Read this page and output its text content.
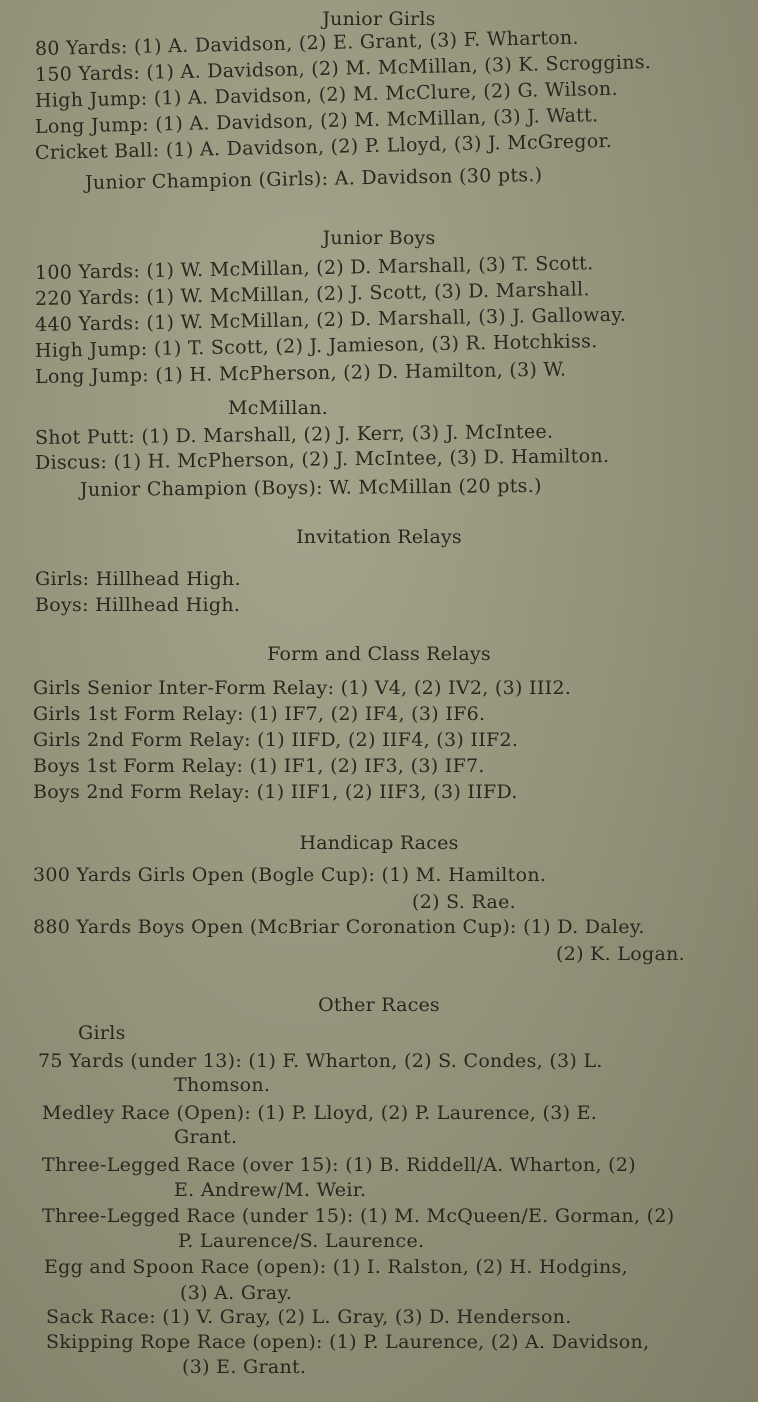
Junior Girls
80 Yards: (1) A. Davidson, (2) E. Grant, (3) F. Wharton.
150 Yards: (1) A. Davidson, (2) M. McMillan, (3) K. Scroggins.
High Jump: (1) A. Davidson, (2) M. McClure, (2) G. Wilson.
Long Jump: (1) A. Davidson, (2) M. McMillan, (3) J. Watt.
Cricket Ball: (1) A. Davidson, (2) P. Lloyd, (3) J. McGregor.
Junior Champion (Girls): A. Davidson (30 pts.)
Junior Boys
100 Yards: (1) W. McMillan, (2) D. Marshall, (3) T. Scott.
220 Yards: (1) W. McMillan, (2) J. Scott, (3) D. Marshall.
440 Yards: (1) W. McMillan, (2) D. Marshall, (3) J. Galloway.
High Jump: (1) T. Scott, (2) J. Jamieson, (3) R. Hotchkiss.
Long Jump: (1) H. McPherson, (2) D. Hamilton, (3) W.
McMillan.
Shot Putt: (1) D. Marshall, (2) J. Kerr, (3) J. McIntee.
Discus: (1) H. McPherson, (2) J. McIntee, (3) D. Hamilton.
Junior Champion (Boys): W. McMillan (20 pts.)
Invitation Relays
Girls: Hillhead High.
Boys: Hillhead High.
Form and Class Relays
Girls Senior Inter-Form Relay: (1) V4, (2) IV2, (3) III2.
Girls 1st Form Relay: (1) IF7, (2) IF4, (3) IF6.
Girls 2nd Form Relay: (1) IIFD, (2) IIF4, (3) IIF2.
Boys 1st Form Relay: (1) IF1, (2) IF3, (3) IF7.
Boys 2nd Form Relay: (1) IIF1, (2) IIF3, (3) IIFD.
Handicap Races
300 Yards Girls Open (Bogle Cup): (1) M. Hamilton.
(2) S. Rae.
880 Yards Boys Open (McBriar Coronation Cup): (1) D. Daley.
(2) K. Logan.
Other Races
Girls
75 Yards (under 13): (1) F. Wharton, (2) S. Condes, (3) L.
Thomson.
Medley Race (Open): (1) P. Lloyd, (2) P. Laurence, (3) E.
Grant.
Three-Legged Race (over 15): (1) B. Riddell/A. Wharton, (2)
E. Andrew/M. Weir.
Three-Legged Race (under 15): (1) M. McQueen/E. Gorman, (2)
P. Laurence/S. Laurence.
Egg and Spoon Race (open): (1) I. Ralston, (2) H. Hodgins,
(3) A. Gray.
Sack Race: (1) V. Gray, (2) L. Gray, (3) D. Henderson.
Skipping Rope Race (open): (1) P. Laurence, (2) A. Davidson,
(3) E. Grant.
